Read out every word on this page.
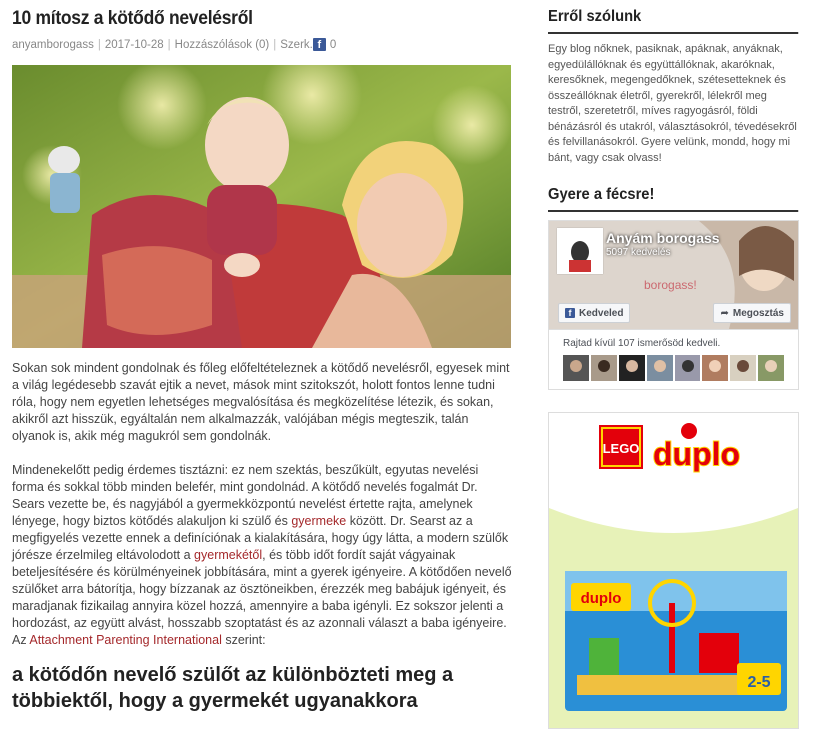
10 mítosz a kötődő nevelésről
anyamborogass | 2017-10-28 | Hozzászólások (0) | Szerk. f 0

Sokan sok mindent gondolnak és főleg előfeltételeznek a kötődő nevelésről, egyesek mint a világ legédesebb szavát ejtik a nevet, mások mint szitokszót, holott fontos lenne tudni róla, hogy nem egyetlen lehetséges megvalósítása és megközelítése létezik, és sokan, akikről azt hisszük, egyáltalán nem alkalmazzák, valójában mégis megteszik, talán olyanok is, akik még magukról sem gondolnák.

Mindenekelőtt pedig érdemes tisztázni: ez nem szektás, beszűkült, egyutas nevelési forma és sokkal több minden belefér, mint gondolnád. A kötődő nevelés fogalmát Dr. Sears vezette be, és nagyjából a gyermekközpontú nevelést értette rajta, amelynek lényege, hogy biztos kötődés alakuljon ki szülő és gyermeke között. Dr. Searst az a megfigyelés vezette ennek a definíciónak a kialakítására, hogy úgy látta, a modern szülők jórésze érzelmileg eltávolodott a gyermekétől, és több időt fordít saját vágyainak beteljesítésére és körülményeinek jobbítására, mint a gyerek igényeire. A kötődően nevelő szülőket arra bátorítja, hogy bízzanak az ösztöneikben, érezzék meg babájuk igényeit, és maradjanak fizikailag annyira közel hozzá, amennyire a baba igényli. Ez sokszor jelenti a hordozást, az együtt alvást, hosszabb szoptatást és az azonnali választ a baba igényeire. Az Attachment Parenting International szerint:

a kötődőn nevelő szülőt az különbözteti meg a többiektől, hogy a gyermekét ugyanakkora
Erről szólunk
Egy blog nőknek, pasiknak, apáknak, anyáknak, egyedülállóknak és együttállóknak, akaróknak, keresőknek, megengedőknek, szétesetteknek és összeállóknak életről, gyerekről, lélekről meg testről, szeretetről, míves ragyogásról, földi bénázásról és utakról, választásokról, tévedésekről és felvillanásokról. Gyere velünk, mondd, hogy mi bánt, vagy csak olvass!
Gyere a fécsre!
borogass!
Anyám borogass
5097 kedvelés
f Kedveled	➦ Megosztás
Rajtad kívül 107 ismerősöd kedveli.
LEGO duplo
duplo
2-5
